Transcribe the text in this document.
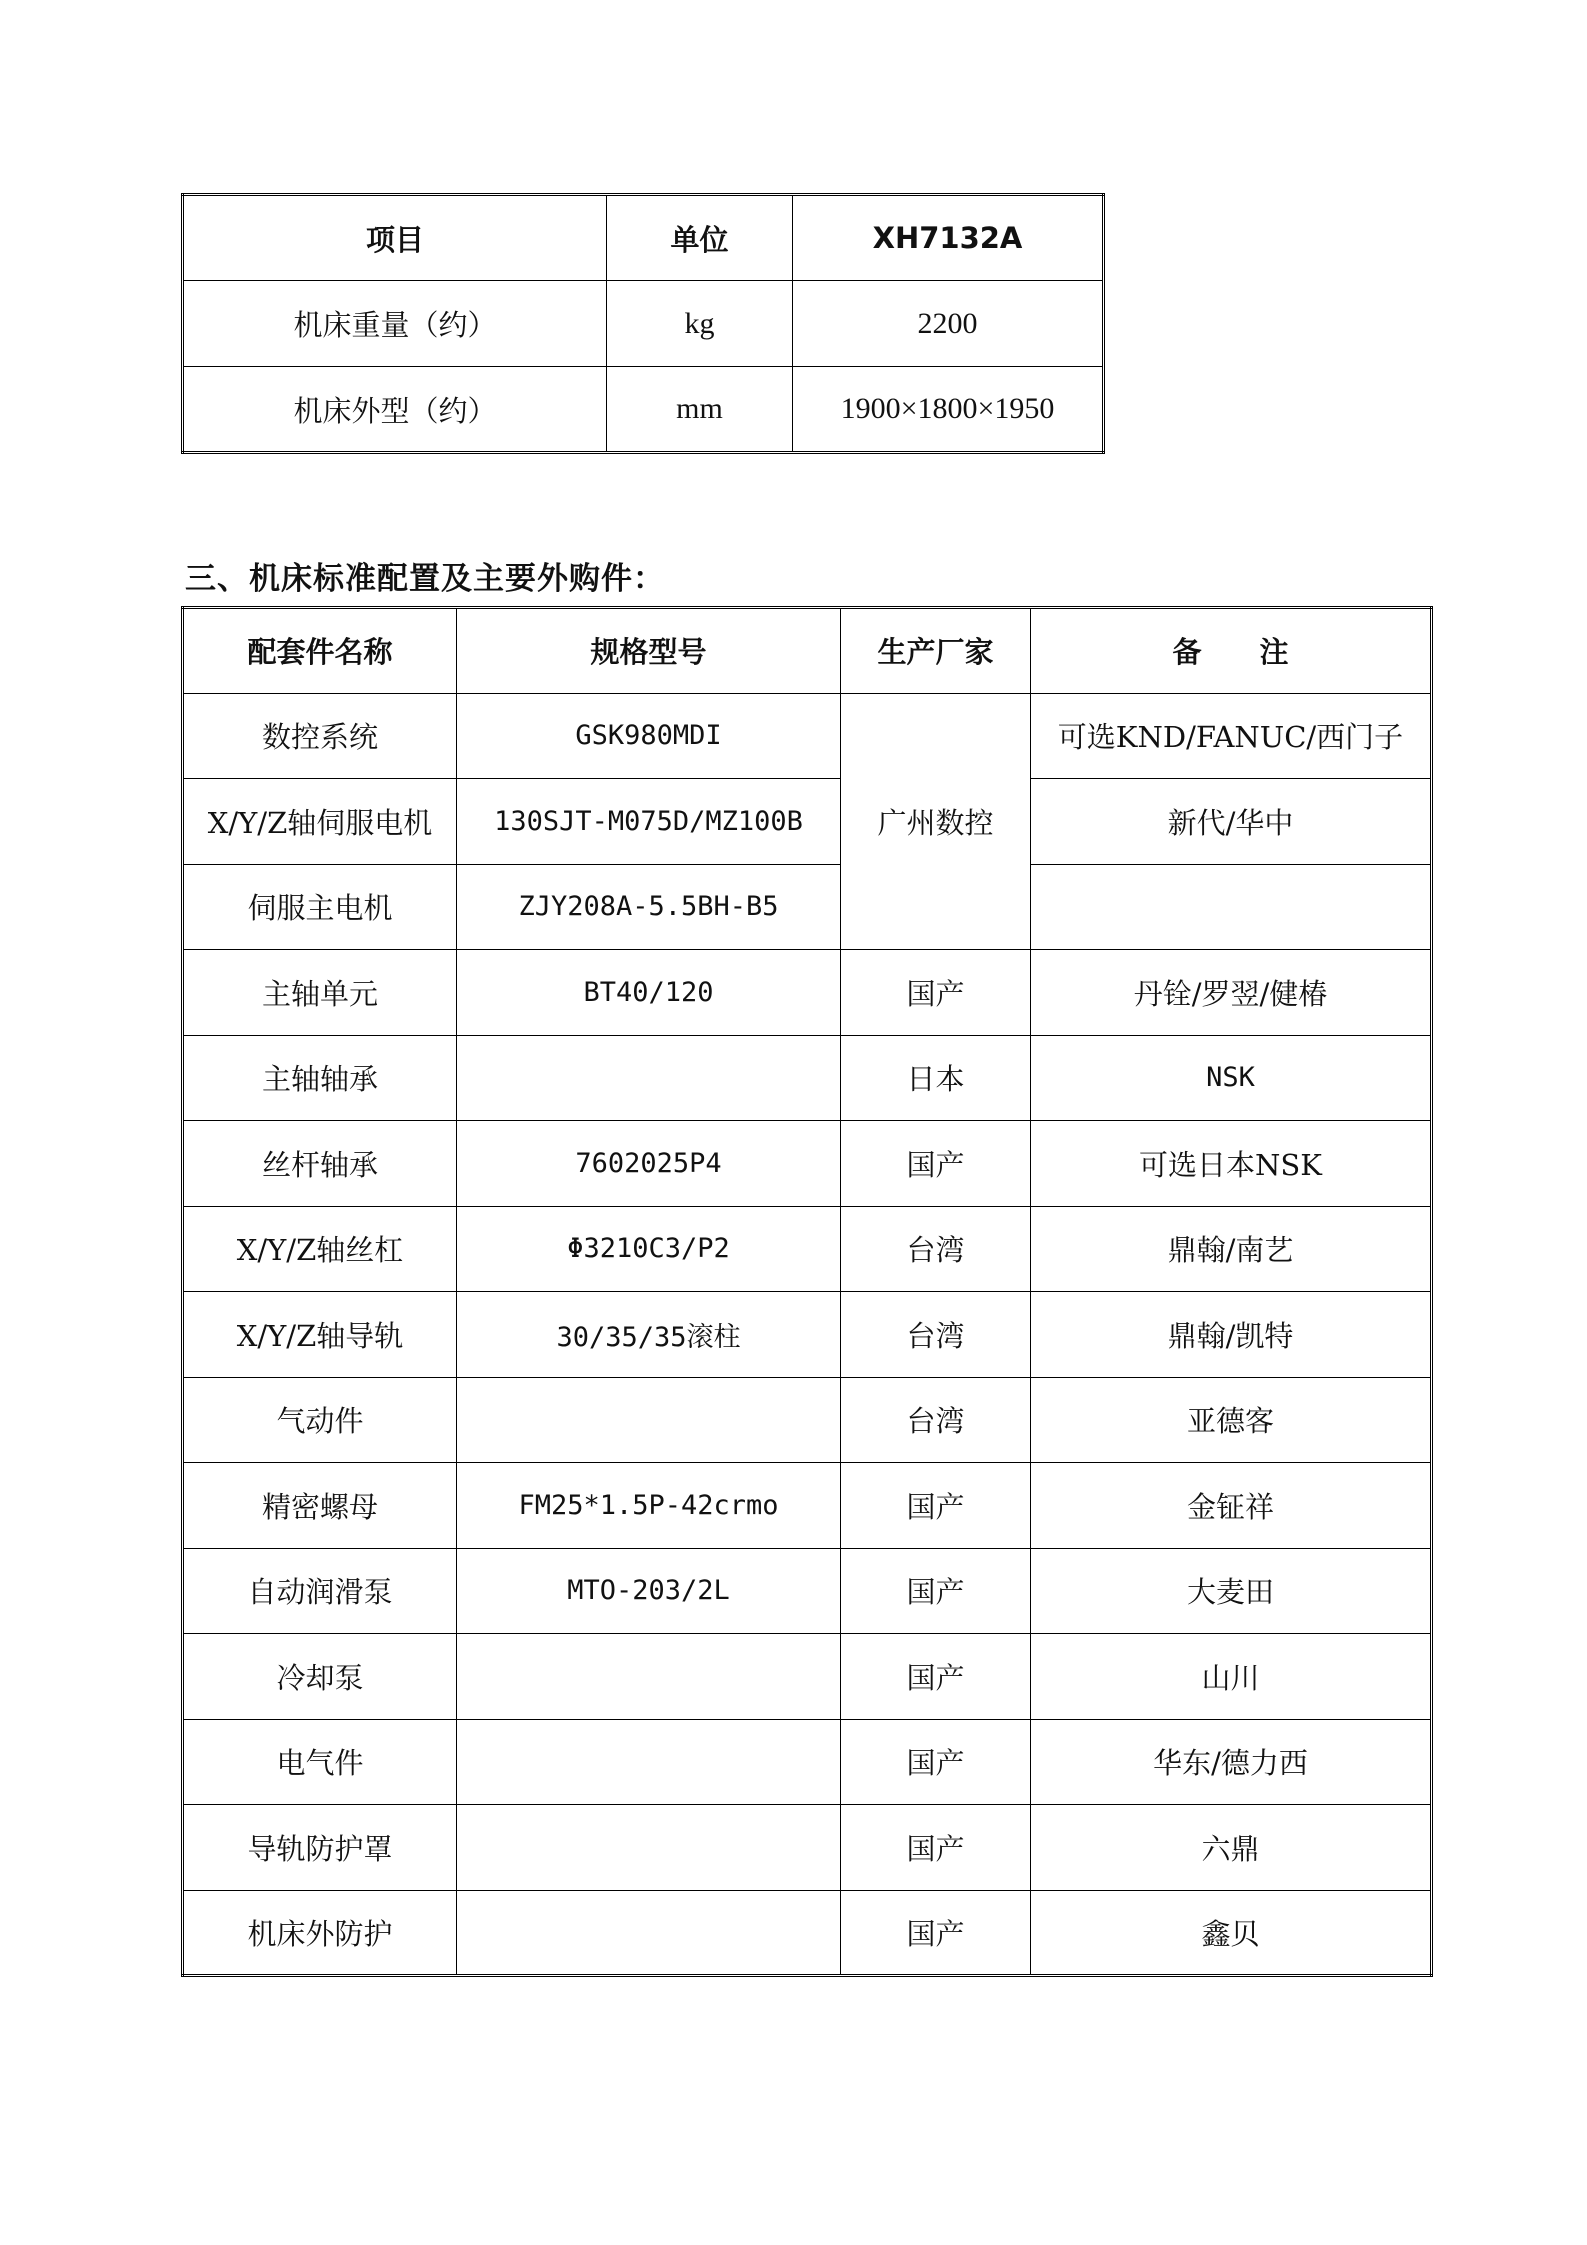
项目	单位	XH7132A
机床重量（约）	kg	2200
机床外型（约）	mm	1900×1800×1950
三、机床标准配置及主要外购件：
配套件名称	规格型号	生产厂家	备　　注
数控系统	GSK980MDI	广州数控	可选KND/FANUC/西门子
X/Y/Z轴伺服电机	130SJT-M075D/MZ100B		新代/华中
伺服主电机	ZJY208A-5.5BH-B5		
主轴单元	BT40/120	国产	丹铨/罗翌/健椿
主轴轴承		日本	NSK
丝杆轴承	7602025P4	国产	可选日本NSK
X/Y/Z轴丝杠	Φ3210C3/P2	台湾	鼎翰/南艺
X/Y/Z轴导轨	30/35/35滚柱	台湾	鼎翰/凯特
气动件		台湾	亚德客
精密螺母	FM25*1.5P-42crmo	国产	金钲祥
自动润滑泵	MTO-203/2L	国产	大麦田
冷却泵		国产	山川
电气件		国产	华东/德力西
导轨防护罩		国产	六鼎
机床外防护		国产	鑫贝
